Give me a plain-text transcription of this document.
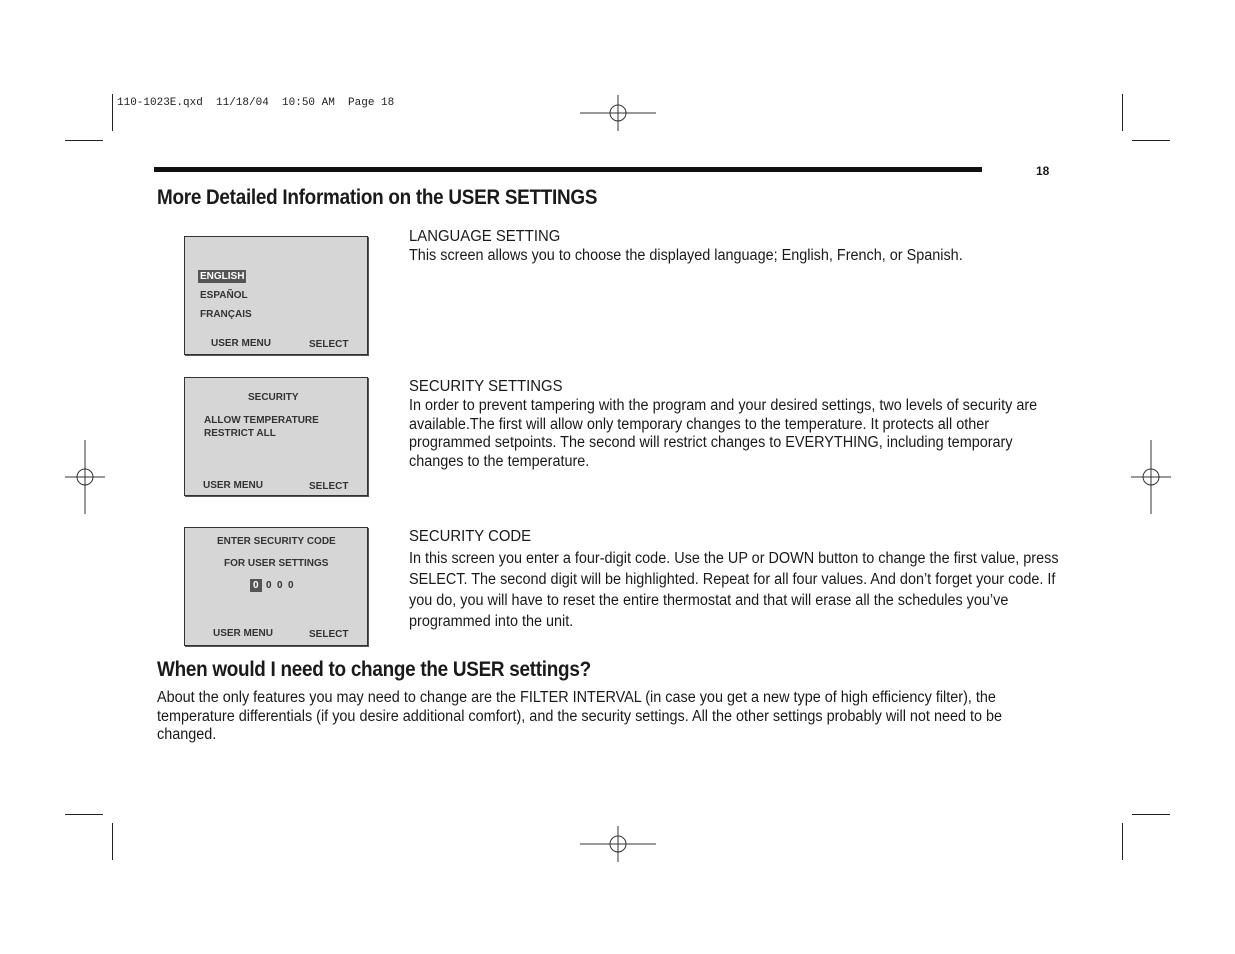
110-1023E.qxd  11/18/04  10:50 AM  Page 18
18
More Detailed Information on the USER SETTINGS
ENGLISH
ESPAÑOL
FRANÇAIS
USER MENU	SELECT
SECURITY
ALLOW TEMPERATURE
RESTRICT ALL
USER MENU	SELECT
ENTER SECURITY CODE
FOR USER SETTINGS
0 0 0 0
USER MENU	SELECT
LANGUAGE SETTING
This screen allows you to choose the displayed language; English, French, or Spanish.
SECURITY SETTINGS
In order to prevent tampering with the program and your desired settings, two levels of security are available.The first will allow only temporary changes to the temperature. It protects all other programmed setpoints. The second will restrict changes to EVERYTHING, including temporary changes to the temperature.
SECURITY CODE
In this screen you enter a four-digit code. Use the UP or DOWN button to change the first value, press SELECT. The second digit will be highlighted. Repeat for all four values. And don’t forget your code. If you do, you will have to reset the entire thermostat and that will erase all the schedules you’ve programmed into the unit.
When would I need to change the USER settings?
About the only features you may need to change are the FILTER INTERVAL (in case you get a new type of high efficiency filter), the temperature differentials (if you desire additional comfort), and the security settings. All the other settings probably will not need to be changed.
